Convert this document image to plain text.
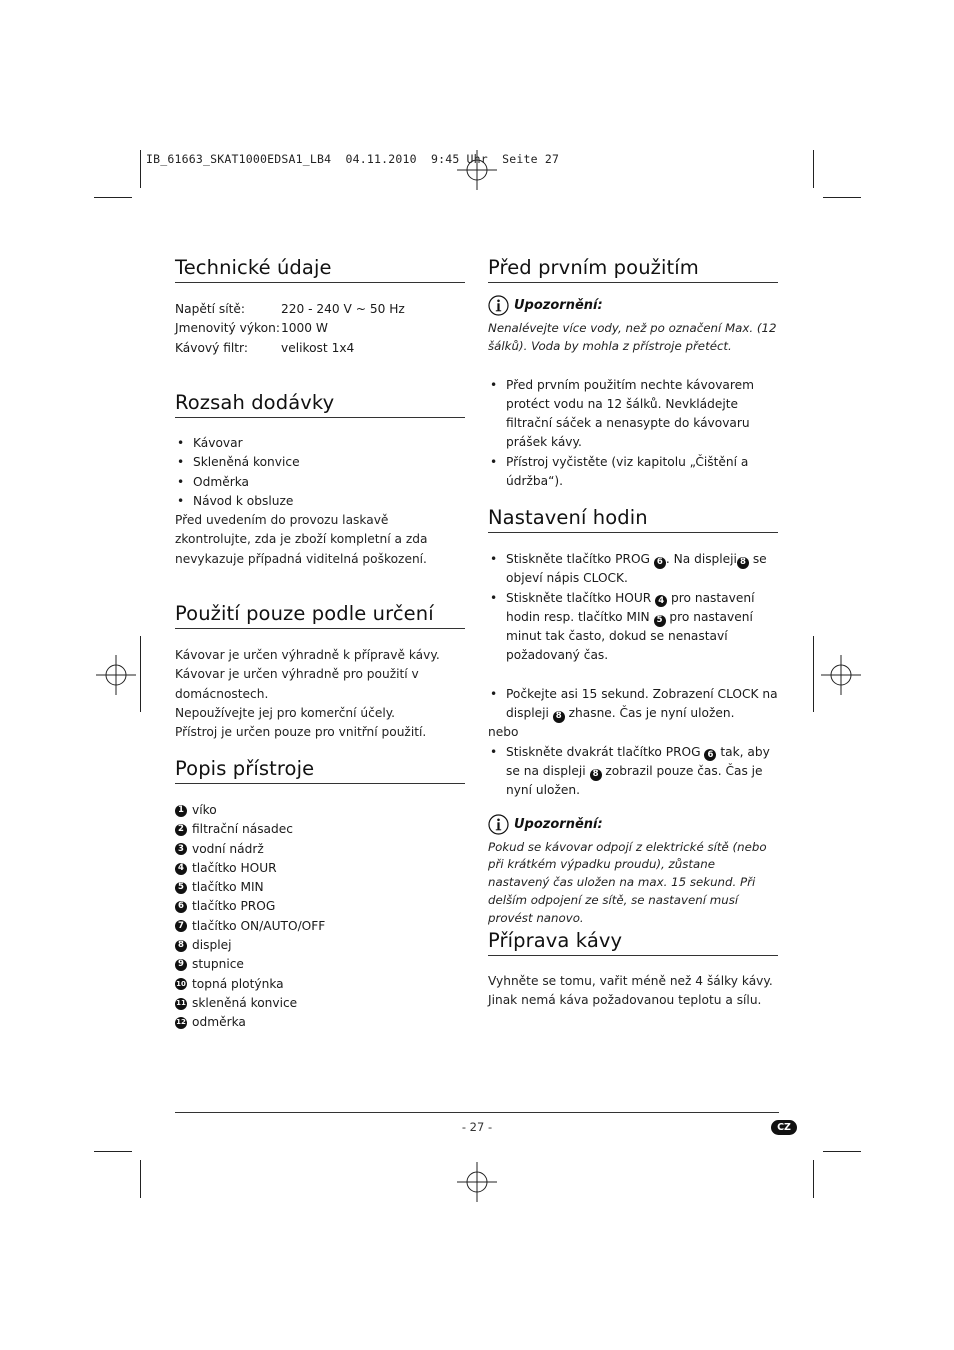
IB_61663_SKAT1000EDSA1_LB4  04.11.2010  9:45 Uhr  Seite 27
Technické údaje
Napětí sítě:	220 - 240 V ~ 50 Hz
Jmenovitý výkon: 1000 W
Kávový filtr:	velikost 1x4
Rozsah dodávky
• Kávovar
• Skleněná konvice
• Odměrka
• Návod k obsluze
Před uvedením do provozu laskavě zkontrolujte, zda je zboží kompletní a zda nevykazuje případná viditelná poškození.
Použití pouze podle určení
Kávovar je určen výhradně k přípravě kávy. Kávovar je určen výhradně pro použití v domácnostech.
Nepoužívejte jej pro komerční účely.
Přístroj je určen pouze pro vnitřní použití.
Popis přístroje
1 víko
2 filtrační násadec
3 vodní nádrž
4 tlačítko HOUR
5 tlačítko MIN
6 tlačítko PROG
7 tlačítko ON/AUTO/OFF
8 displej
9 stupnice
10 topná plotýnka
11 skleněná konvice
12 odměrka
Před prvním použitím
Upozornění:
Nenalévejte více vody, než po označení Max. (12 šálků). Voda by mohla z přístroje přetéct.
• Před prvním použitím nechte kávovarem protéct vodu na 12 šálků. Nevkládejte filtrační sáček a nenasypte do kávovaru prášek kávy.
• Přístroj vyčistěte (viz kapitolu „Čištění a údržba“).
Nastavení hodin
• Stiskněte tlačítko PROG 6 . Na displeji 8 se objeví nápis CLOCK.
• Stiskněte tlačítko HOUR 4 pro nastavení hodin resp. tlačítko MIN 5 pro nastavení minut tak často, dokud se nenastaví požadovaný čas.
• Počkejte asi 15 sekund. Zobrazení CLOCK na displeji 8 zhasne. Čas je nyní uložen.
nebo
• Stiskněte dvakrát tlačítko PROG 6 tak, aby se na displeji 8 zobrazil pouze čas. Čas je nyní uložen.
Upozornění:
Pokud se kávovar odpojí z elektrické sítě (nebo při krátkém výpadku proudu), zůstane nastavený čas uložen na max. 15 sekund. Při delším odpojení ze sítě, se nastavení musí provést nanovo.
Příprava kávy
Vyhněte se tomu, vařit méně než 4 šálky kávy. Jinak nemá káva požadovanou teplotu a sílu.
- 27 -	CZ
